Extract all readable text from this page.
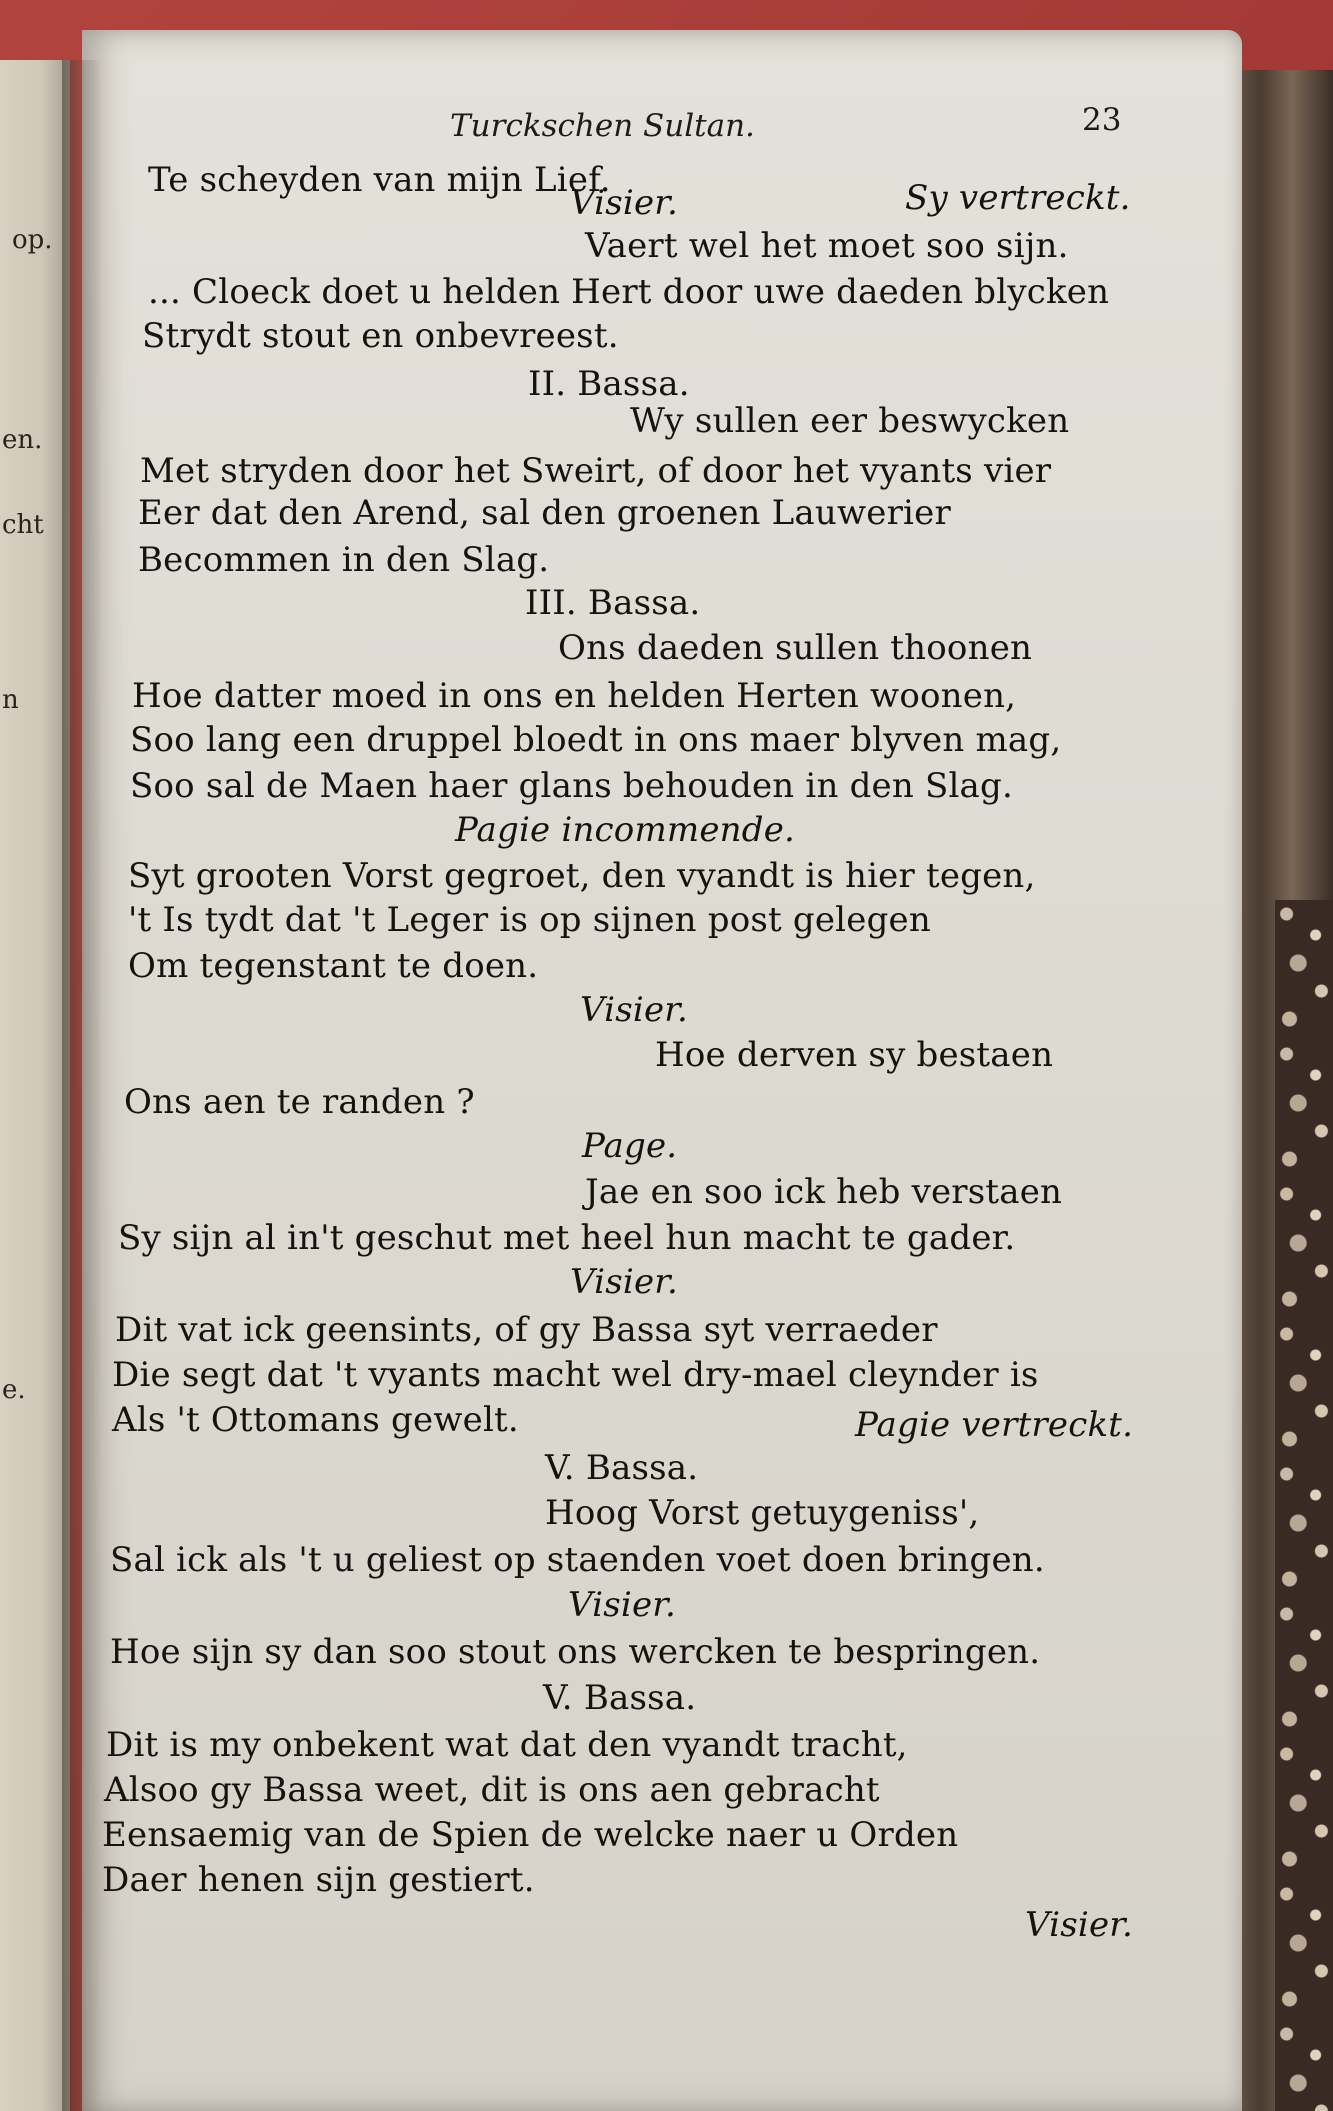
op.
en.
cht
n
e.
Turckschen Sultan.	23
Te scheyden van mijn Lief.
Visier.	Sy vertreckt.
Vaert wel het moet soo sijn.
... Cloeck doet u helden Hert door uwe daeden blycken
Strydt stout en onbevreest.
II. Bassa.
Wy sullen eer beswycken
Met stryden door het Sweirt, of door het vyants vier
Eer dat den Arend, sal den groenen Lauwerier
Becommen in den Slag.
III. Bassa.
Ons daeden sullen thoonen
Hoe datter moed in ons en helden Herten woonen,
Soo lang een druppel bloedt in ons maer blyven mag,
Soo sal de Maen haer glans behouden in den Slag.
Pagie incommende.
Syt grooten Vorst gegroet, den vyandt is hier tegen,
't Is tydt dat 't Leger is op sijnen post gelegen
Om tegenstant te doen.
Visier.
Hoe derven sy bestaen
Ons aen te randen ?
Page.
Jae en soo ick heb verstaen
Sy sijn al in't geschut met heel hun macht te gader.
Visier.
Dit vat ick geensints, of gy Bassa syt verraeder
Die segt dat 't vyants macht wel dry-mael cleynder is
Als 't Ottomans gewelt.	Pagie vertreckt.
V. Bassa.
Hoog Vorst getuygeniss',
Sal ick als 't u geliest op staenden voet doen bringen.
Visier.
Hoe sijn sy dan soo stout ons wercken te bespringen.
V. Bassa.
Dit is my onbekent wat dat den vyandt tracht,
Alsoo gy Bassa weet, dit is ons aen gebracht
Eensaemig van de Spien de welcke naer u Orden
Daer henen sijn gestiert.
Visier.
